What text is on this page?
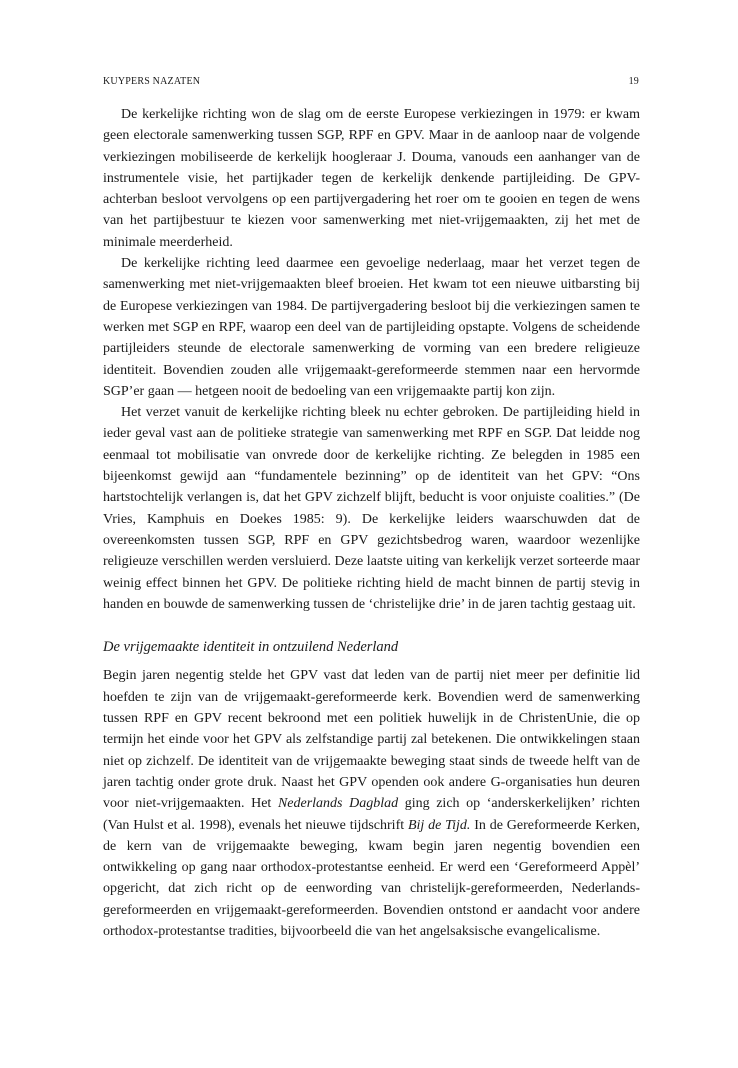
KUYPERS NAZATEN	19

De kerkelijke richting won de slag om de eerste Europese verkiezingen in 1979: er kwam geen electorale samenwerking tussen SGP, RPF en GPV. Maar in de aanloop naar de volgende verkiezingen mobiliseerde de kerkelijk hoogleraar J. Douma, vanouds een aanhanger van de instrumentele visie, het partijkader tegen de kerkelijk denkende partijleiding. De GPV-achterban besloot vervolgens op een partijvergadering het roer om te gooien en tegen de wens van het partijbestuur te kiezen voor samenwerking met niet-vrijgemaakten, zij het met de minimale meerderheid.

De kerkelijke richting leed daarmee een gevoelige nederlaag, maar het verzet tegen de samenwerking met niet-vrijgemaakten bleef broeien. Het kwam tot een nieuwe uitbarsting bij de Europese verkiezingen van 1984. De partijvergadering besloot bij die verkiezingen samen te werken met SGP en RPF, waarop een deel van de partijleiding opstapte. Volgens de scheidende partijleiders steunde de electorale samenwerking de vorming van een bredere religieuze identiteit. Bovendien zouden alle vrijgemaakt-gereformeerde stemmen naar een hervormde SGP’er gaan — hetgeen nooit de bedoeling van een vrijgemaakte partij kon zijn.

Het verzet vanuit de kerkelijke richting bleek nu echter gebroken. De partijleiding hield in ieder geval vast aan de politieke strategie van samenwerking met RPF en SGP. Dat leidde nog eenmaal tot mobilisatie van onvrede door de kerkelijke richting. Ze belegden in 1985 een bijeenkomst gewijd aan “fundamentele bezinning” op de identiteit van het GPV: “Ons hartstochtelijk verlangen is, dat het GPV zichzelf blijft, beducht is voor onjuiste coalities.” (De Vries, Kamphuis en Doekes 1985: 9). De kerkelijke leiders waarschuwden dat de overeenkomsten tussen SGP, RPF en GPV gezichtsbedrog waren, waardoor wezenlijke religieuze verschillen werden versluierd. Deze laatste uiting van kerkelijk verzet sorteerde maar weinig effect binnen het GPV. De politieke richting hield de macht binnen de partij stevig in handen en bouwde de samenwerking tussen de ‘christelijke drie’ in de jaren tachtig gestaag uit.

De vrijgemaakte identiteit in ontzuilend Nederland

Begin jaren negentig stelde het GPV vast dat leden van de partij niet meer per definitie lid hoefden te zijn van de vrijgemaakt-gereformeerde kerk. Bovendien werd de samenwerking tussen RPF en GPV recent bekroond met een politiek huwelijk in de ChristenUnie, die op termijn het einde voor het GPV als zelfstandige partij zal betekenen. Die ontwikkelingen staan niet op zichzelf. De identiteit van de vrijgemaakte beweging staat sinds de tweede helft van de jaren tachtig onder grote druk. Naast het GPV openden ook andere G-organisaties hun deuren voor niet-vrijgemaakten. Het Nederlands Dagblad ging zich op ‘anderskerkelijken’ richten (Van Hulst et al. 1998), evenals het nieuwe tijdschrift Bij de Tijd. In de Gereformeerde Kerken, de kern van de vrijgemaakte beweging, kwam begin jaren negentig bovendien een ontwikkeling op gang naar orthodox-protestantse eenheid. Er werd een ‘Gereformeerd Appèl’ opgericht, dat zich richt op de eenwording van christelijk-gereformeerden, Nederlands-gereformeerden en vrijgemaakt-gereformeerden. Bovendien ontstond er aandacht voor andere orthodox-protestantse tradities, bijvoorbeeld die van het angelsaksische evangelicalisme.
